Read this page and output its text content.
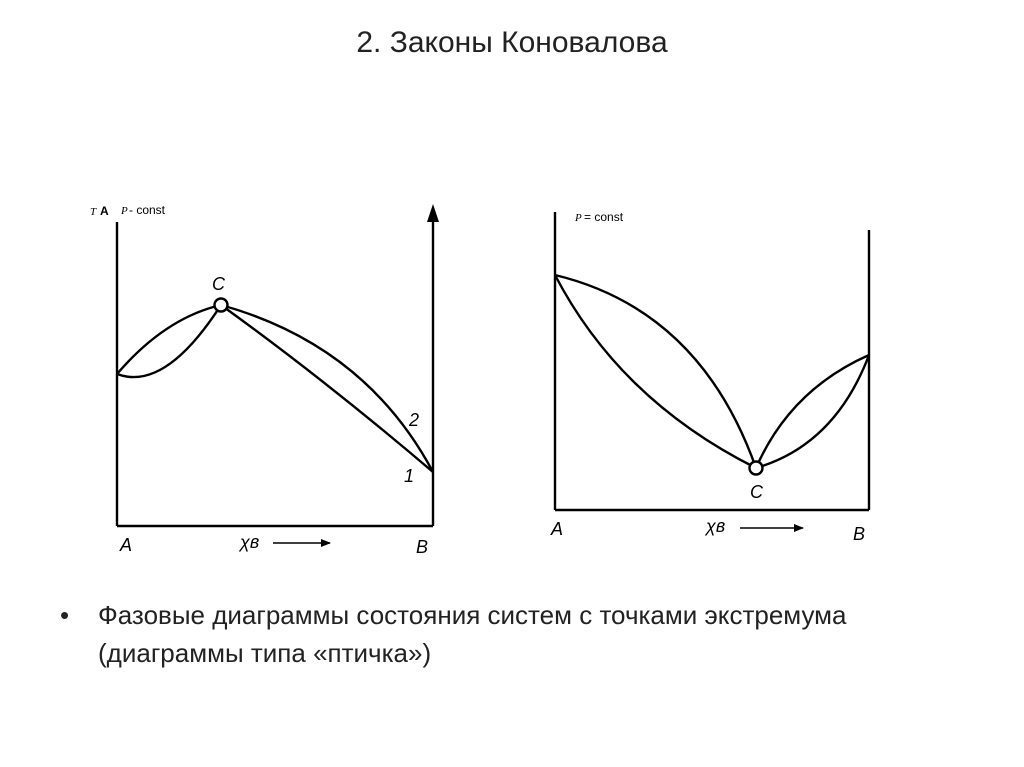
2. Законы Коновалова
T A P - const
C
2
1
A	B
χв
P = const
C
A	B
χв
• Фазовые диаграммы состояния систем с точками экстремума (диаграммы типа «птичка»)
